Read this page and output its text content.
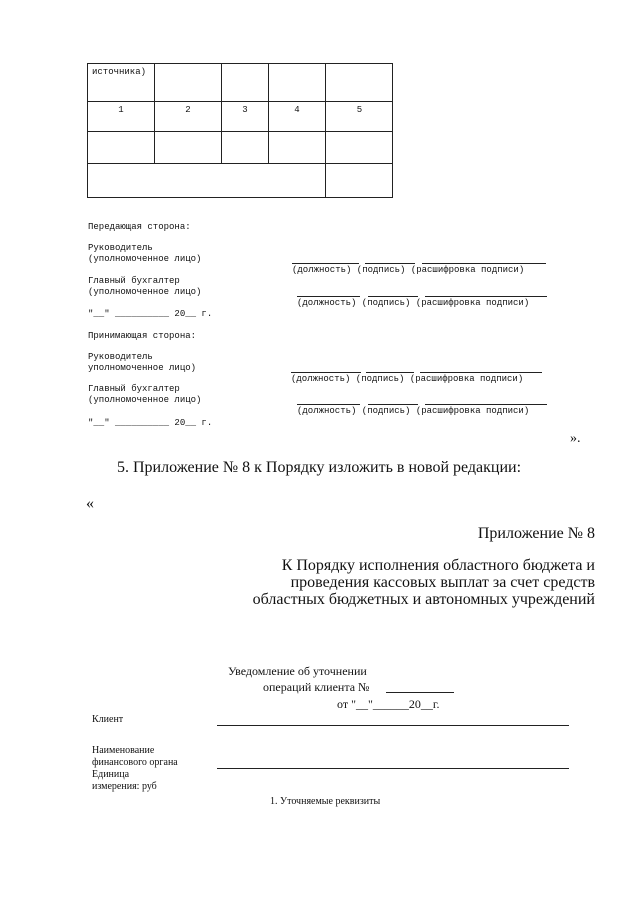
источника)
1	2	3	4	5
Передающая сторона:
Руководитель
(уполномоченное лицо)
(должность) (подпись) (расшифровка подписи)
Главный бухгалтер
(уполномоченное лицо)
(должность) (подпись) (расшифровка подписи)
"__" __________ 20__ г.
Принимающая сторона:
Руководитель
уполномоченное лицо)
(должность) (подпись) (расшифровка подписи)
Главный бухгалтер
(уполномоченное лицо)
(должность) (подпись) (расшифровка подписи)
"__" __________ 20__ г.
».
5. Приложение № 8 к Порядку изложить в новой редакции:
«
Приложение № 8
К Порядку исполнения областного бюджета и
проведения кассовых выплат за счет средств
областных бюджетных и автономных учреждений
Уведомление об уточнении
операций клиента №
от "__"______20__г.
Клиент
Наименование
финансового органа
Единица
измерения: руб
1. Уточняемые реквизиты
